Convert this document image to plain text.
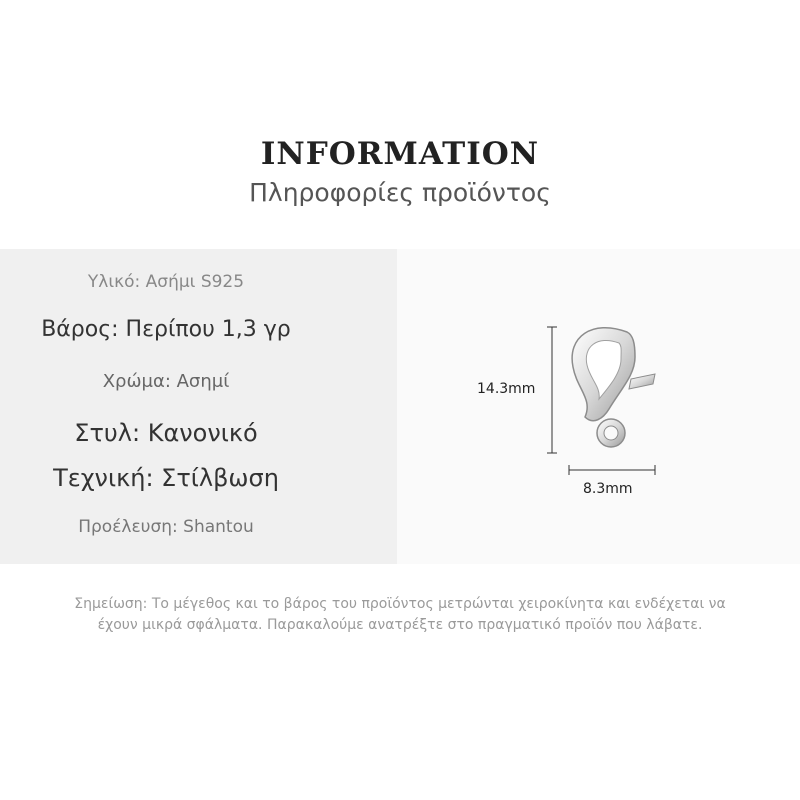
INFORMATION
Πληροφορίες προϊόντος
Υλικό: Ασήμι S925
Βάρος: Περίπου 1,3 γρ
Χρώμα: Ασημί
Στυλ: Κανονικό
Τεχνική: Στίλβωση
Προέλευση: Shantou
14.3mm
8.3mm
Σημείωση: Το μέγεθος και το βάρος του προϊόντος μετρώνται χειροκίνητα και ενδέχεται να
έχουν μικρά σφάλματα. Παρακαλούμε ανατρέξτε στο πραγματικό προϊόν που λάβατε.
